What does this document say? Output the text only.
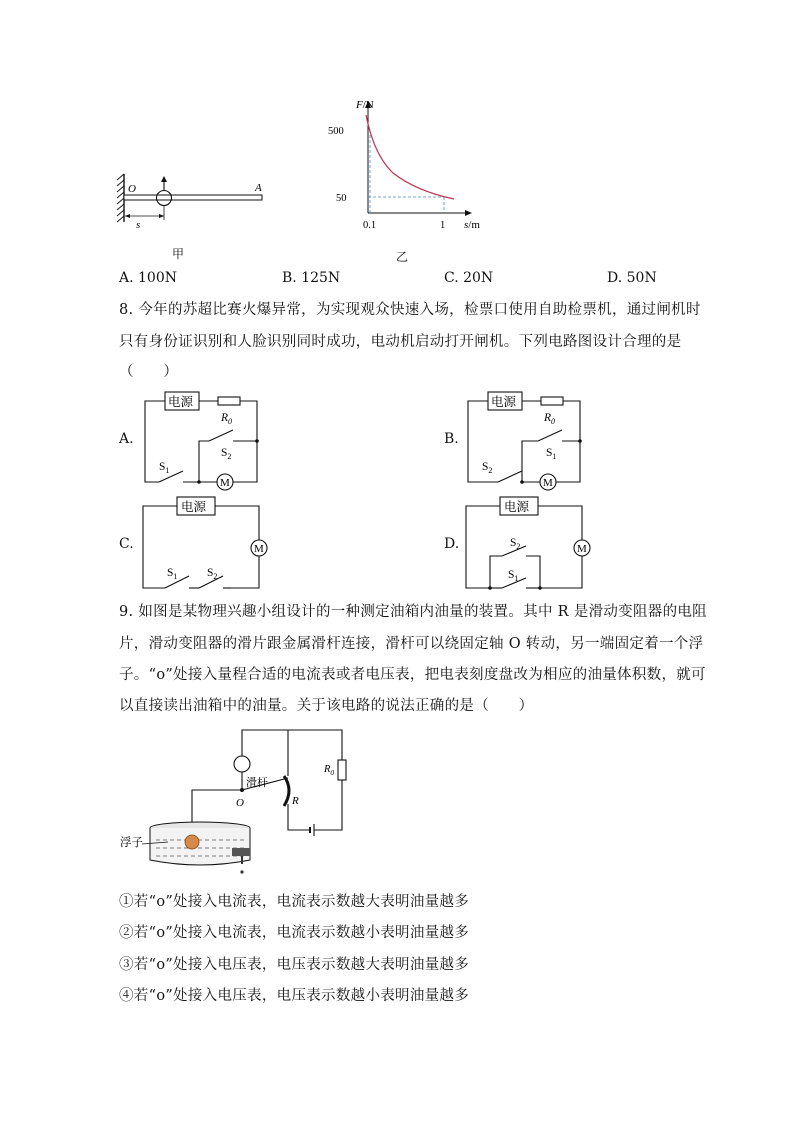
O	A
s
甲
500
50
0.1	1
F/N
s/m
乙
A. 100N	B. 125N	C. 20N	D. 50N
8. 今年的苏超比赛火爆异常，为实现观众快速入场，检票口使用自助检票机，通过闸机时
只有身份证识别和人脸识别同时成功，电动机启动打开闸机。下列电路图设计合理的是
（　　）
A.
电源
$R_0$
$S_2$
$S_1$
M
B.
电源
$R_0$
$S_1$
$S_2$
M
C.
电源
$S_1$	$S_2$
M	D.
电源
$S_2$
$S_1$
M
9. 如图是某物理兴趣小组设计的一种测定油箱内油量的装置。其中 R 是滑动变阻器的电阻
片，滑动变阻器的滑片跟金属滑杆连接，滑杆可以绕固定轴 O 转动，另一端固定着一个浮
子。“o”处接入量程合适的电流表或者电压表，把电表刻度盘改为相应的油量体积数，就可
以直接读出油箱中的油量。关于该电路的说法正确的是（　　）
浮子
滑杆
O	R
$R_0$
①若“o”处接入电流表，电流表示数越大表明油量越多
②若“o”处接入电流表，电流表示数越小表明油量越多
③若“o”处接入电压表，电压表示数越大表明油量越多
④若“o”处接入电压表，电压表示数越小表明油量越多
